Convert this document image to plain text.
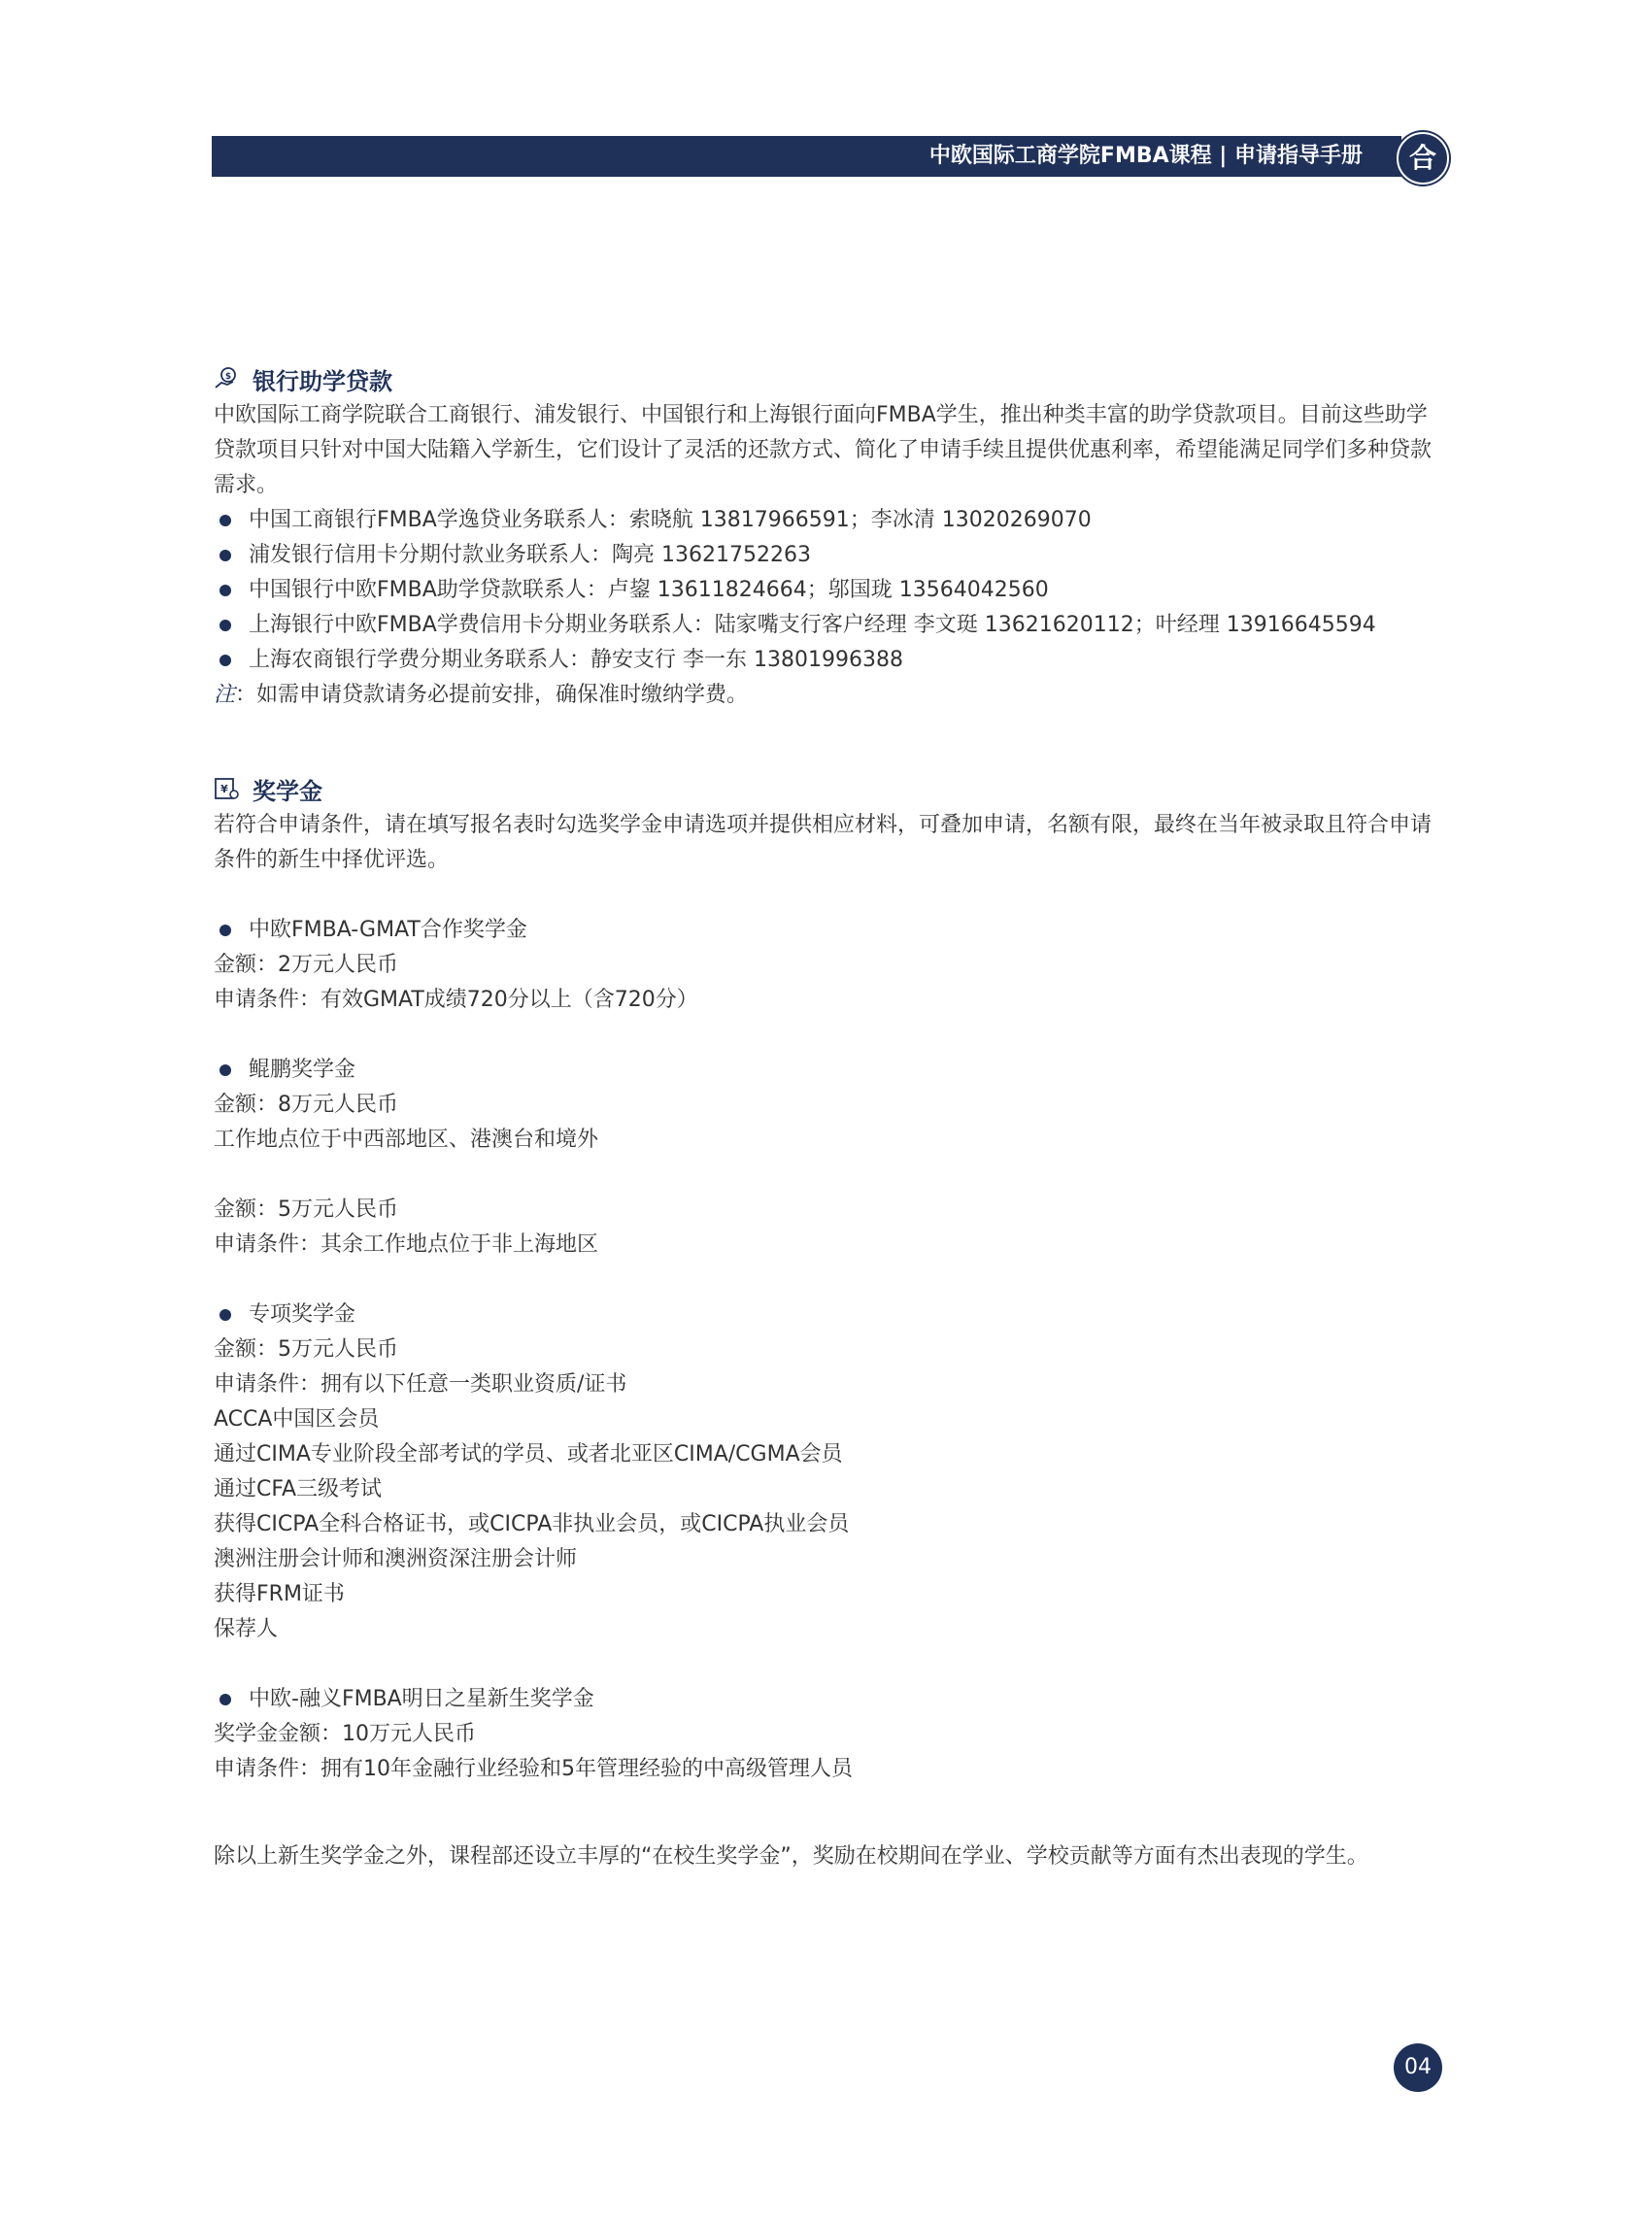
中欧国际工商学院FMBA课程 | 申请指导手册	合
$ 银行助学贷款

中欧国际工商学院联合工商银行、浦发银行、中国银行和上海银行面向FMBA学生，推出种类丰富的助学贷款项目。目前这些助学

贷款项目只针对中国大陆籍入学新生，它们设计了灵活的还款方式、简化了申请手续且提供优惠利率，希望能满足同学们多种贷款

需求。

中国工商银行FMBA学逸贷业务联系人：索晓航 13817966591；李冰清 13020269070
浦发银行信用卡分期付款业务联系人：陶亮 13621752263
中国银行中欧FMBA助学贷款联系人：卢鋆 13611824664；邬国珑 13564042560
上海银行中欧FMBA学费信用卡分期业务联系人：陆家嘴支行客户经理 李文珽 13621620112；叶经理 13916645594
上海农商银行学费分期业务联系人：静安支行 李一东 13801996388

注：如需申请贷款请务必提前安排，确保准时缴纳学费。

¥ 奖学金

若符合申请条件，请在填写报名表时勾选奖学金申请选项并提供相应材料，可叠加申请，名额有限，最终在当年被录取且符合申请

条件的新生中择优评选。

中欧FMBA-GMAT合作奖学金

金额：2万元人民币

申请条件：有效GMAT成绩720分以上（含720分）

鲲鹏奖学金

金额：8万元人民币

工作地点位于中西部地区、港澳台和境外

金额：5万元人民币

申请条件：其余工作地点位于非上海地区

专项奖学金

金额：5万元人民币

申请条件：拥有以下任意一类职业资质/证书

ACCA中国区会员

通过CIMA专业阶段全部考试的学员、或者北亚区CIMA/CGMA会员

通过CFA三级考试

获得CICPA全科合格证书，或CICPA非执业会员，或CICPA执业会员

澳洲注册会计师和澳洲资深注册会计师

获得FRM证书

保荐人

中欧-融义FMBA明日之星新生奖学金

奖学金金额：10万元人民币

申请条件：拥有10年金融行业经验和5年管理经验的中高级管理人员

除以上新生奖学金之外，课程部还设立丰厚的“在校生奖学金”，奖励在校期间在学业、学校贡献等方面有杰出表现的学生。

04
